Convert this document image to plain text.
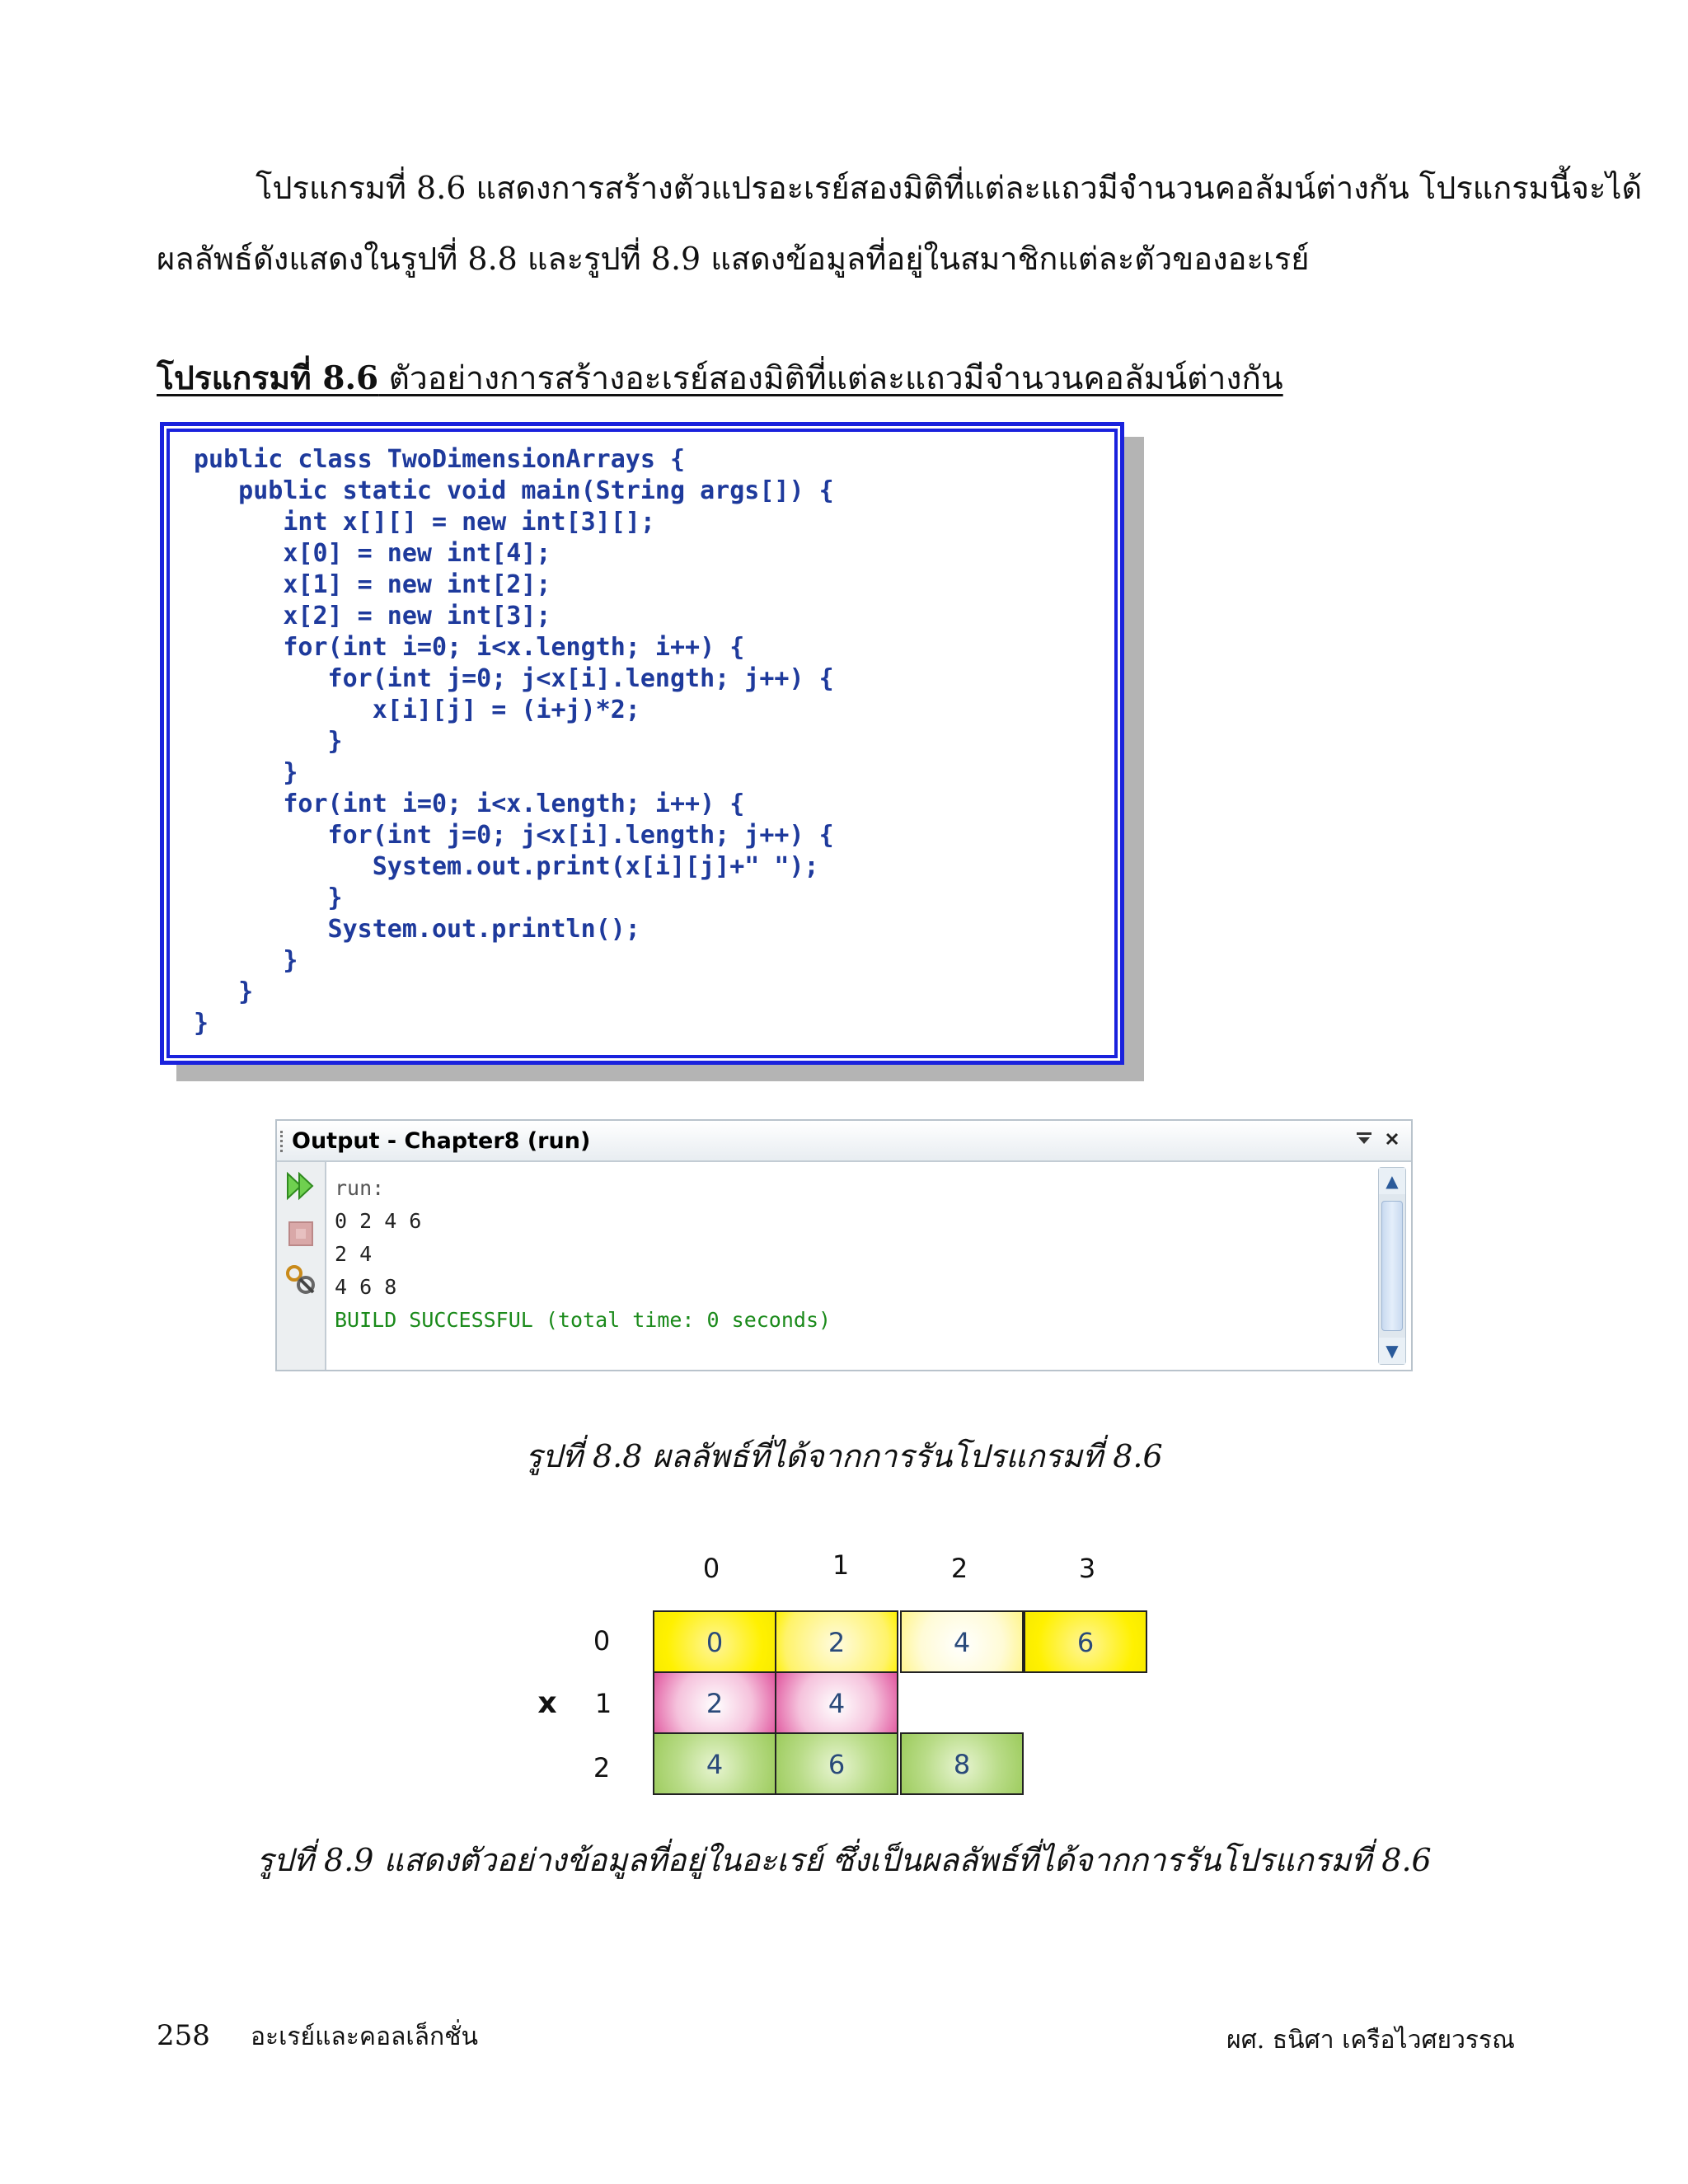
โปรแกรมที่ 8.6 แสดงการสร้างตัวแปรอะเรย์สองมิติที่แต่ละแถวมีจำนวนคอลัมน์ต่างกัน โปรแกรมนี้จะได้
ผลลัพธ์ดังแสดงในรูปที่ 8.8 และรูปที่ 8.9 แสดงข้อมูลที่อยู่ในสมาชิกแต่ละตัวของอะเรย์
โปรแกรมที่ 8.6 ตัวอย่างการสร้างอะเรย์สองมิติที่แต่ละแถวมีจำนวนคอลัมน์ต่างกัน
public class TwoDimensionArrays {
public static void main(String args[]) {
int x[][] = new int[3][];
x[0] = new int[4];
x[1] = new int[2];
x[2] = new int[3];
for(int i=0; i<x.length; i++) {
for(int j=0; j<x[i].length; j++) {
x[i][j] = (i+j)*2;
}
}
for(int i=0; i<x.length; i++) {
for(int j=0; j<x[i].length; j++) {
System.out.print(x[i][j]+" ");
}
System.out.println();
}
}
}
Output - Chapter8 (run)
run:
0 2 4 6
2 4
4 6 8
BUILD SUCCESSFUL (total time: 0 seconds)
▲
▼
รูปที่ 8.8 ผลลัพธ์ที่ได้จากการรันโปรแกรมที่ 8.6
0	1	2	3
0
1
2
x
0	2	4	6
2	4
4	6	8
รูปที่ 8.9 แสดงตัวอย่างข้อมูลที่อยู่ในอะเรย์ ซึ่งเป็นผลลัพธ์ที่ได้จากการรันโปรแกรมที่ 8.6
258 อะเรย์และคอลเล็กชั่น	ผศ. ธนิศา เครือไวศยวรรณ
